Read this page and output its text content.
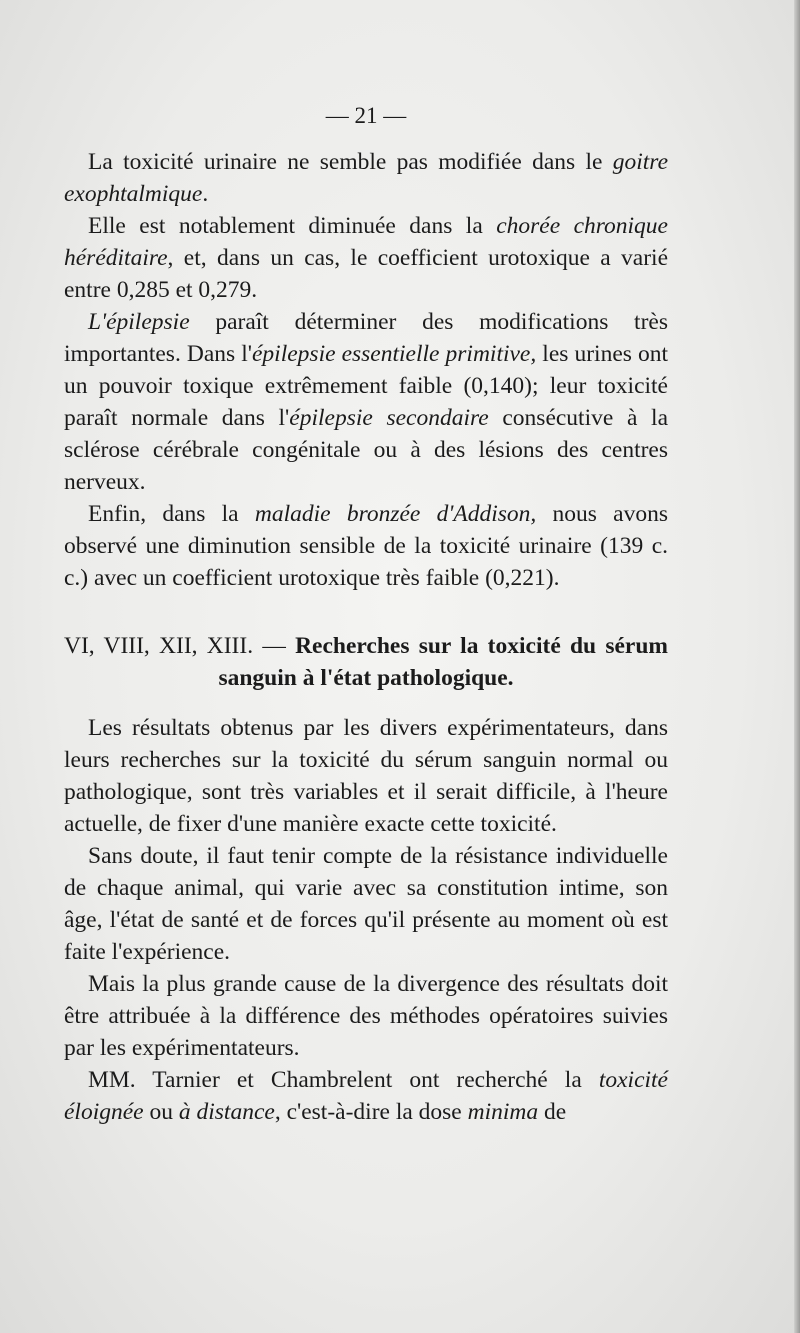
— 21 —

La toxicité urinaire ne semble pas modifiée dans le goitre exophtalmique.

Elle est notablement diminuée dans la chorée chronique héréditaire, et, dans un cas, le coefficient urotoxique a varié entre 0,285 et 0,279.

L'épilepsie paraît déterminer des modifications très importantes. Dans l'épilepsie essentielle primitive, les urines ont un pouvoir toxique extrêmement faible (0,140); leur toxicité paraît normale dans l'épilepsie secondaire consécutive à la sclérose cérébrale congénitale ou à des lésions des centres nerveux.

Enfin, dans la maladie bronzée d'Addison, nous avons observé une diminution sensible de la toxicité urinaire (139 c. c.) avec un coefficient urotoxique très faible (0,221).

VI, VIII, XII, XIII. — Recherches sur la toxicité du sérum sanguin à l'état pathologique.

Les résultats obtenus par les divers expérimentateurs, dans leurs recherches sur la toxicité du sérum sanguin normal ou pathologique, sont très variables et il serait difficile, à l'heure actuelle, de fixer d'une manière exacte cette toxicité.

Sans doute, il faut tenir compte de la résistance individuelle de chaque animal, qui varie avec sa constitution intime, son âge, l'état de santé et de forces qu'il présente au moment où est faite l'expérience.

Mais la plus grande cause de la divergence des résultats doit être attribuée à la différence des méthodes opératoires suivies par les expérimentateurs.

MM. Tarnier et Chambrelent ont recherché la toxicité éloignée ou à distance, c'est-à-dire la dose minima de
